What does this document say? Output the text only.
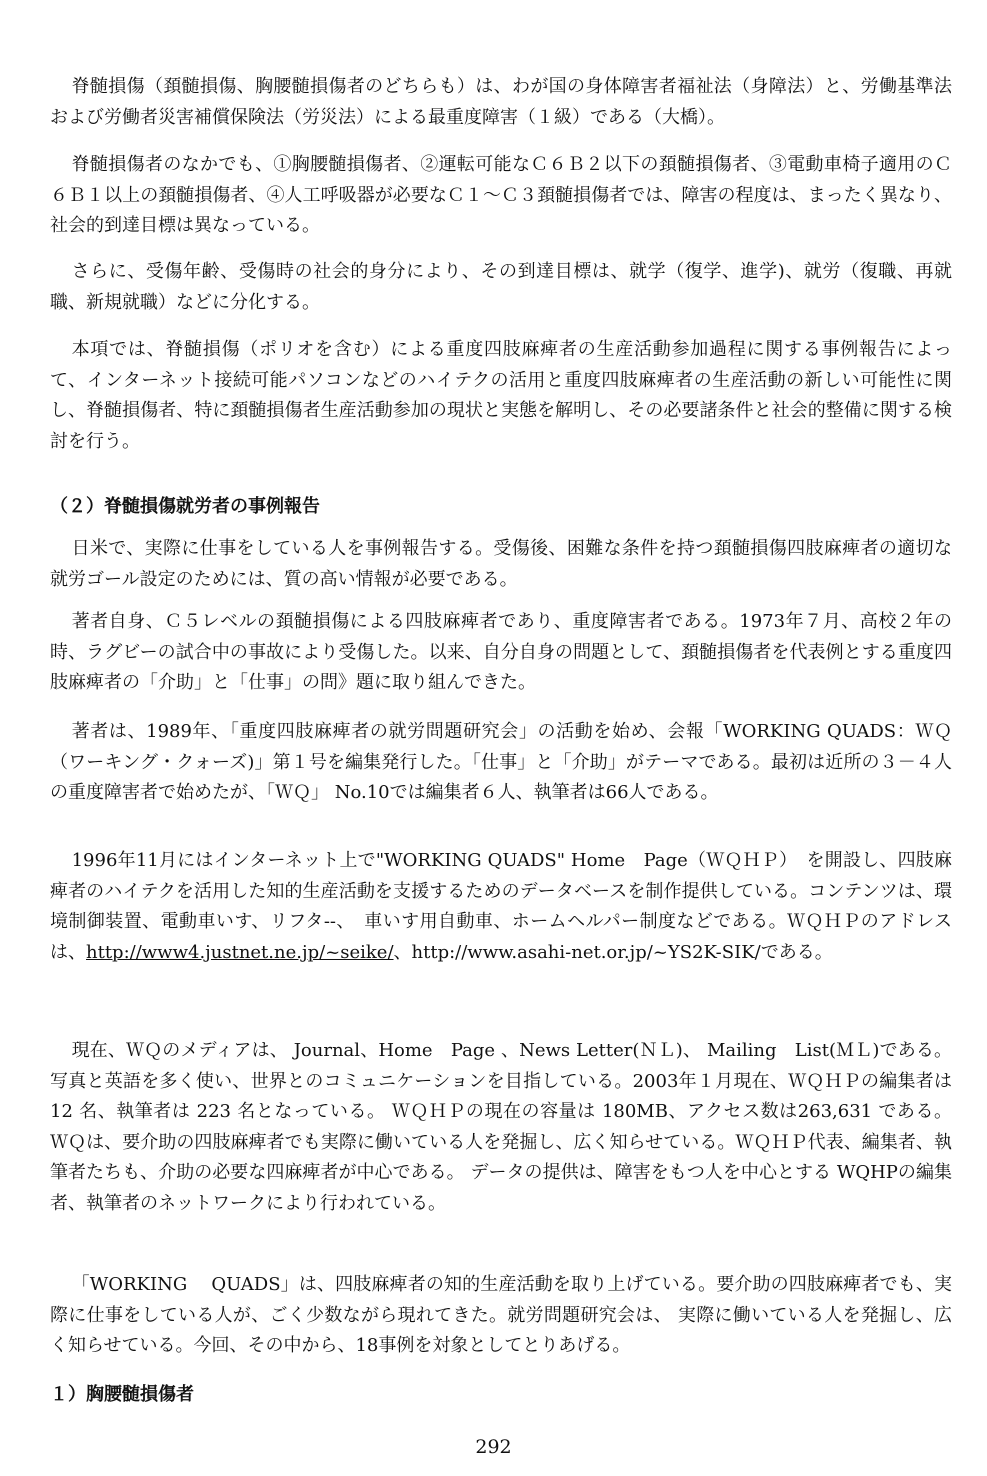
脊髄損傷（頚髄損傷、胸腰髄損傷者のどちらも）は、わが国の身体障害者福祉法（身障法）と、労働基準法および労働者災害補償保険法（労災法）による最重度障害（１級）である（大橋）。

脊髄損傷者のなかでも、①胸腰髄損傷者、②運転可能なＣ６Ｂ２以下の頚髄損傷者、③電動車椅子適用のＣ６Ｂ１以上の頚髄損傷者、④人工呼吸器が必要なＣ１～Ｃ３頚髄損傷者では、障害の程度は、まったく異なり、社会的到達目標は異なっている。

さらに、受傷年齢、受傷時の社会的身分により、その到達目標は、就学（復学、進学)、就労（復職、再就職、新規就職）などに分化する。

本項では、脊髄損傷（ポリオを含む）による重度四肢麻痺者の生産活動参加過程に関する事例報告によって、インターネット接続可能パソコンなどのハイテクの活用と重度四肢麻痺者の生産活動の新しい可能性に関し、脊髄損傷者、特に頚髄損傷者生産活動参加の現状と実態を解明し、その必要諸条件と社会的整備に関する検討を行う。

（２）脊髄損傷就労者の事例報告

日米で、実際に仕事をしている人を事例報告する。受傷後、困難な条件を持つ頚髄損傷四肢麻痺者の適切な就労ゴール設定のためには、質の高い情報が必要である。

著者自身、Ｃ５レベルの頚髄損傷による四肢麻痺者であり、重度障害者である。1973年７月、高校２年の時、ラグビーの試合中の事故により受傷した。以来、自分自身の問題として、頚髄損傷者を代表例とする重度四肢麻痺者の「介助」と「仕事」の問》題に取り組んできた。

著者は、1989年、「重度四肢麻痺者の就労問題研究会」の活動を始め、会報「WORKING QUADS：ＷＱ（ワーキング・クォーズ)」第１号を編集発行した。「仕事」と「介助」がテーマである。最初は近所の３－４人の重度障害者で始めたが、「ＷＱ」 No.10では編集者６人、執筆者は66人である。

1996年11月にはインターネット上で"WORKING QUADS" Home　Page（ＷＱＨＰ）　を開設し、四肢麻痺者のハイテクを活用した知的生産活動を支援するためのデータベースを制作提供している。コンテンツは、環境制御装置、電動車いす、リフタ--、　車いす用自動車、ホームヘルパー制度などである。ＷＱＨＰのアドレスは、http://www4.justnet.ne.jp/~seike/、http://www.asahi-net.or.jp/~YS2K-SIK/である。

現在、ＷＱのメディアは、 Journal、Home　Page 、News Letter(ＮＬ)、 Mailing　List(ＭＬ)である。写真と英語を多く使い、世界とのコミュニケーションを目指している。2003年１月現在、ＷＱＨＰの編集者は 12 名、執筆者は 223 名となっている。 ＷＱＨＰの現在の容量は 180MB、アクセス数は263,631 である。 ＷＱは、要介助の四肢麻痺者でも実際に働いている人を発掘し、広く知らせている。ＷＱＨＰ代表、編集者、執筆者たちも、介助の必要な四麻痺者が中心である。 データの提供は、障害をもつ人を中心とする WQHPの編集者、執筆者のネットワークにより行われている。

「WORKING　 QUADS」は、四肢麻痺者の知的生産活動を取り上げている。要介助の四肢麻痺者でも、実際に仕事をしている人が、ごく少数ながら現れてきた。就労問題研究会は、 実際に働いている人を発掘し、広く知らせている。今回、その中から、18事例を対象としてとりあげる。

１）胸腰髄損傷者

292
